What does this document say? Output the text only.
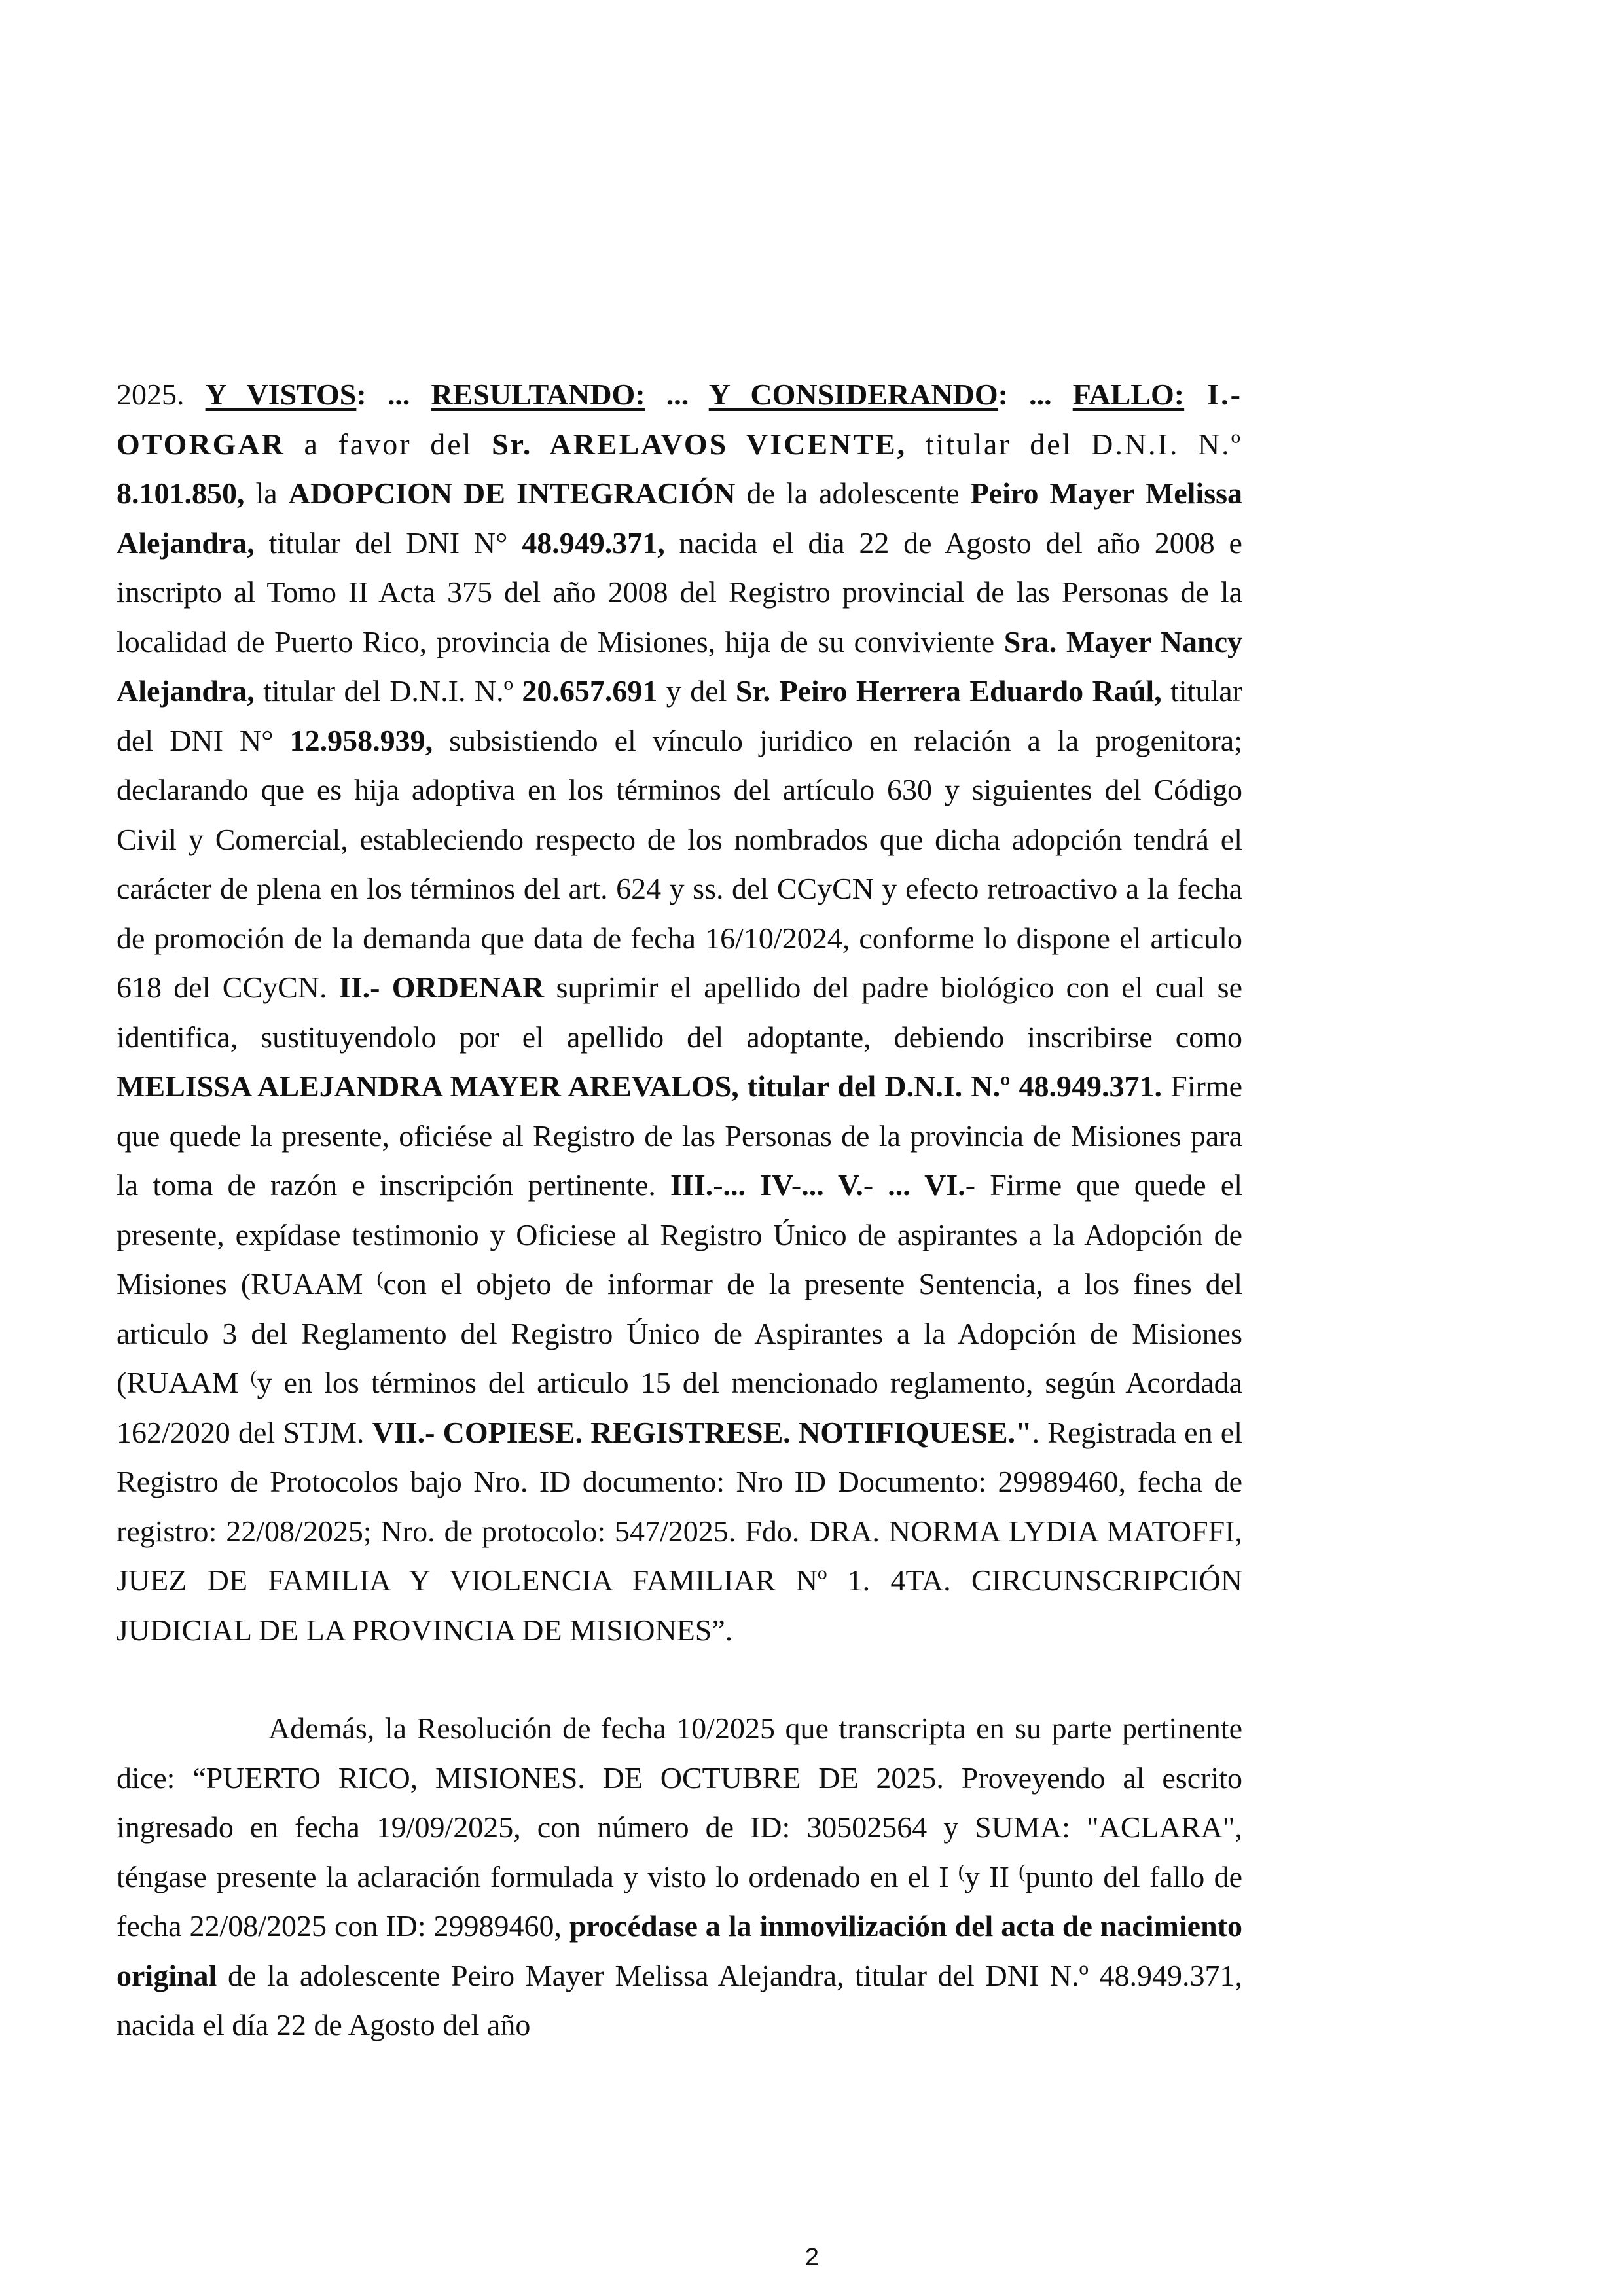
2025. Y VISTOS: ... RESULTANDO: ... Y CONSIDERANDO: ... FALLO: I.- OTORGAR a favor del Sr. ARELAVOS VICENTE, titular del D.N.I. N.º 8.101.850, la ADOPCION DE INTEGRACIÓN de la adolescente Peiro Mayer Melissa Alejandra, titular del DNI N° 48.949.371, nacida el dia 22 de Agosto del año 2008 e inscripto al Tomo II Acta 375 del año 2008 del Registro provincial de las Personas de la localidad de Puerto Rico, provincia de Misiones, hija de su conviviente Sra. Mayer Nancy Alejandra, titular del D.N.I. N.º 20.657.691 y del Sr. Peiro Herrera Eduardo Raúl, titular del DNI N° 12.958.939, subsistiendo el vínculo juridico en relación a la progenitora; declarando que es hija adoptiva en los términos del artículo 630 y siguientes del Código Civil y Comercial, estableciendo respecto de los nombrados que dicha adopción tendrá el carácter de plena en los términos del art. 624 y ss. del CCyCN y efecto retroactivo a la fecha de promoción de la demanda que data de fecha 16/10/2024, conforme lo dispone el articulo 618 del CCyCN. II.- ORDENAR suprimir el apellido del padre biológico con el cual se identifica, sustituyendolo por el apellido del adoptante, debiendo inscribirse como MELISSA ALEJANDRA MAYER AREVALOS, titular del D.N.I. N.º 48.949.371. Firme que quede la presente, oficiése al Registro de las Personas de la provincia de Misiones para la toma de razón e inscripción pertinente. III.-... IV-... V.- ... VI.- Firme que quede el presente, expídase testimonio y Oficiese al Registro Único de aspirantes a la Adopción de Misiones (RUAAM (con el objeto de informar de la presente Sentencia, a los fines del articulo 3 del Reglamento del Registro Único de Aspirantes a la Adopción de Misiones (RUAAM (y en los términos del articulo 15 del mencionado reglamento, según Acordada 162/2020 del STJM. VII.- COPIESE. REGISTRESE. NOTIFIQUESE.". Registrada en el Registro de Protocolos bajo Nro. ID documento: Nro ID Documento: 29989460, fecha de registro: 22/08/2025; Nro. de protocolo: 547/2025. Fdo. DRA. NORMA LYDIA MATOFFI, JUEZ DE FAMILIA Y VIOLENCIA FAMILIAR Nº 1. 4TA. CIRCUNSCRIPCIÓN JUDICIAL DE LA PROVINCIA DE MISIONES”.

Además, la Resolución de fecha 10/2025 que transcripta en su parte pertinente dice: “PUERTO RICO, MISIONES. DE OCTUBRE DE 2025. Proveyendo al escrito ingresado en fecha 19/09/2025, con número de ID: 30502564 y SUMA: "ACLARA", téngase presente la aclaración formulada y visto lo ordenado en el I (y II (punto del fallo de fecha 22/08/2025 con ID: 29989460, procédase a la inmovilización del acta de nacimiento original de la adolescente Peiro Mayer Melissa Alejandra, titular del DNI N.º 48.949.371, nacida el día 22 de Agosto del año

2
